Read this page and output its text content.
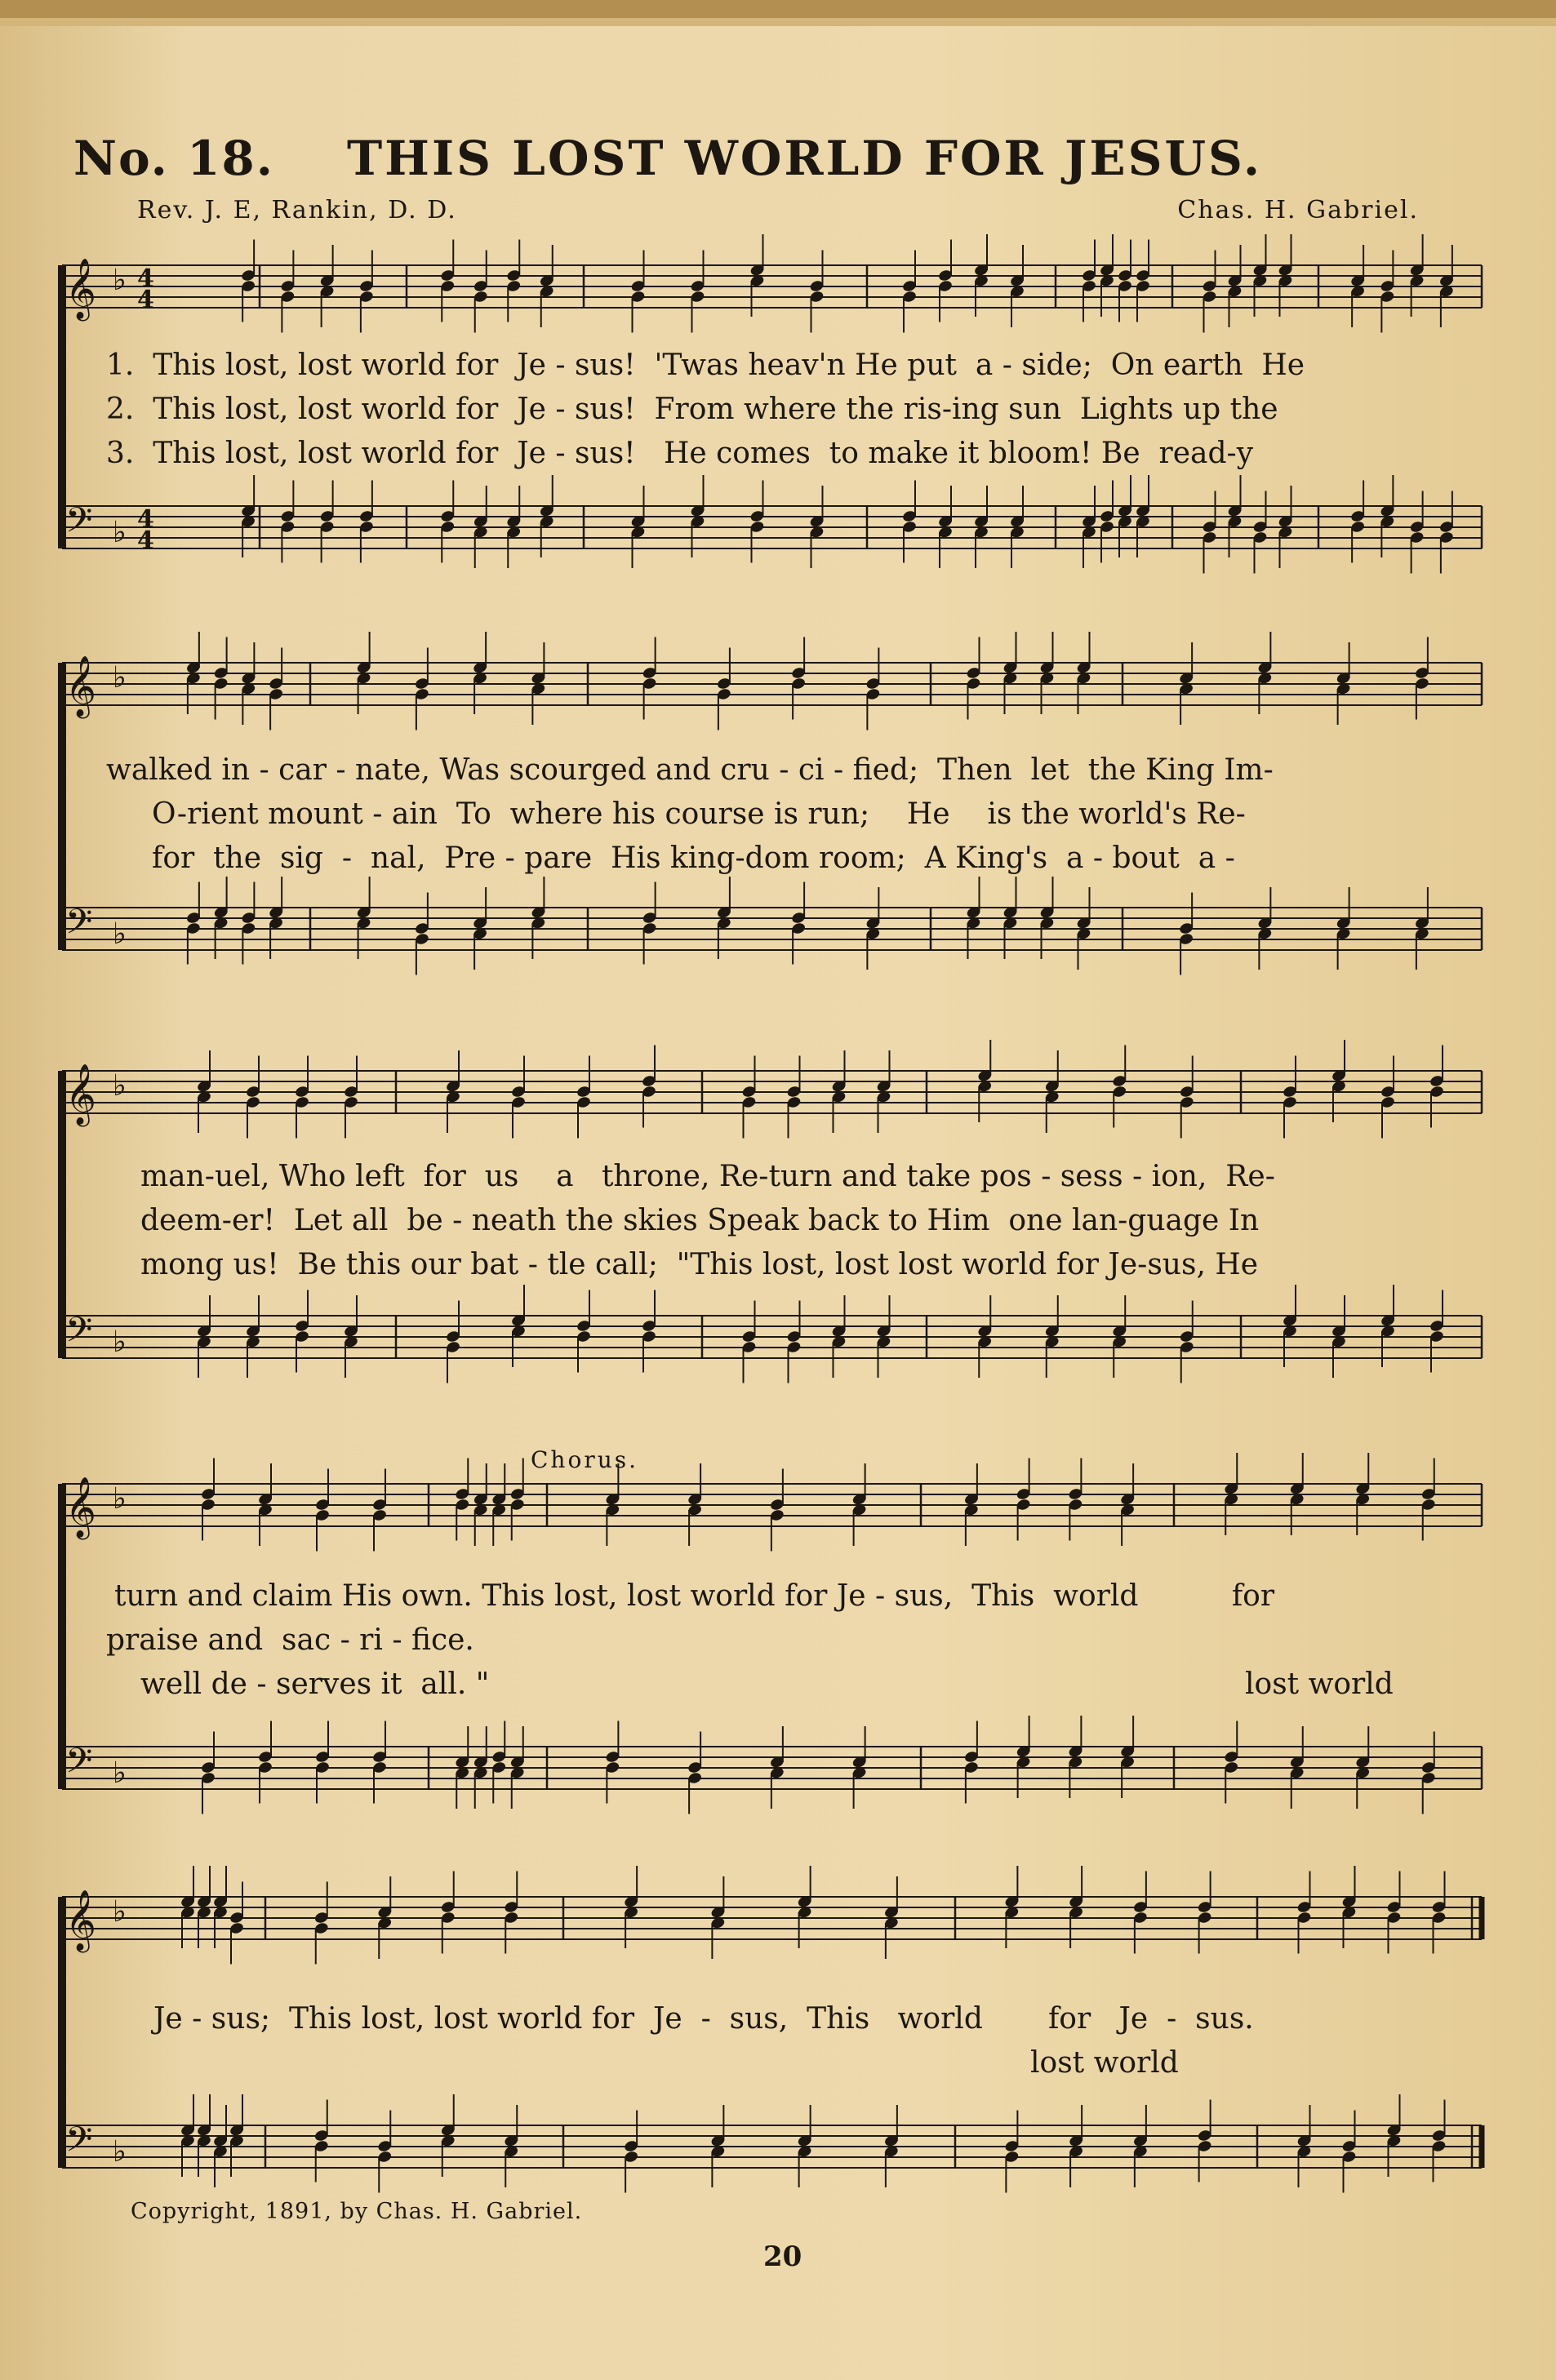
No. 18. THIS LOST WORLD FOR JESUS.
Rev. J. E, Rankin, D. D.	Chas. H. Gabriel.
𝄞 ♭ 4
4
𝄢 ♭ 4
4
𝄞 ♭
𝄢 ♭
𝄞 ♭
𝄢 ♭
𝄞 ♭
𝄢 ♭
𝄞 ♭
𝄢 ♭
1.  This lost, lost world for  Je - sus!  'Twas heav'n He put  a - side;  On earth  He
2.  This lost, lost world for  Je - sus!  From where the ris-ing sun  Lights up the
3.  This lost, lost world for  Je - sus!   He comes  to make it bloom! Be  read-y
walked in - car - nate, Was scourged and cru - ci - fied;  Then  let  the King Im-
O-rient mount - ain  To  where his course is run;    He    is the world's Re-
for  the  sig  -  nal,  Pre - pare  His king-dom room;  A King's  a - bout  a -
man-uel, Who left  for  us    a   throne, Re-turn and take pos - sess - ion,  Re-
deem-er!  Let all  be - neath the skies Speak back to Him  one lan-guage In
mong us!  Be this our bat - tle call;  "This lost, lost lost world for Je-sus, He
Chorus.
turn and claim His own. This lost, lost world for Je - sus,  This  world          for
praise and  sac - ri - fice.
well de - serves it  all. "	lost world
Je - sus;  This lost, lost world for  Je  -  sus,  This   world       for   Je  -  sus.
lost world
Copyright, 1891, by Chas. H. Gabriel.
20
